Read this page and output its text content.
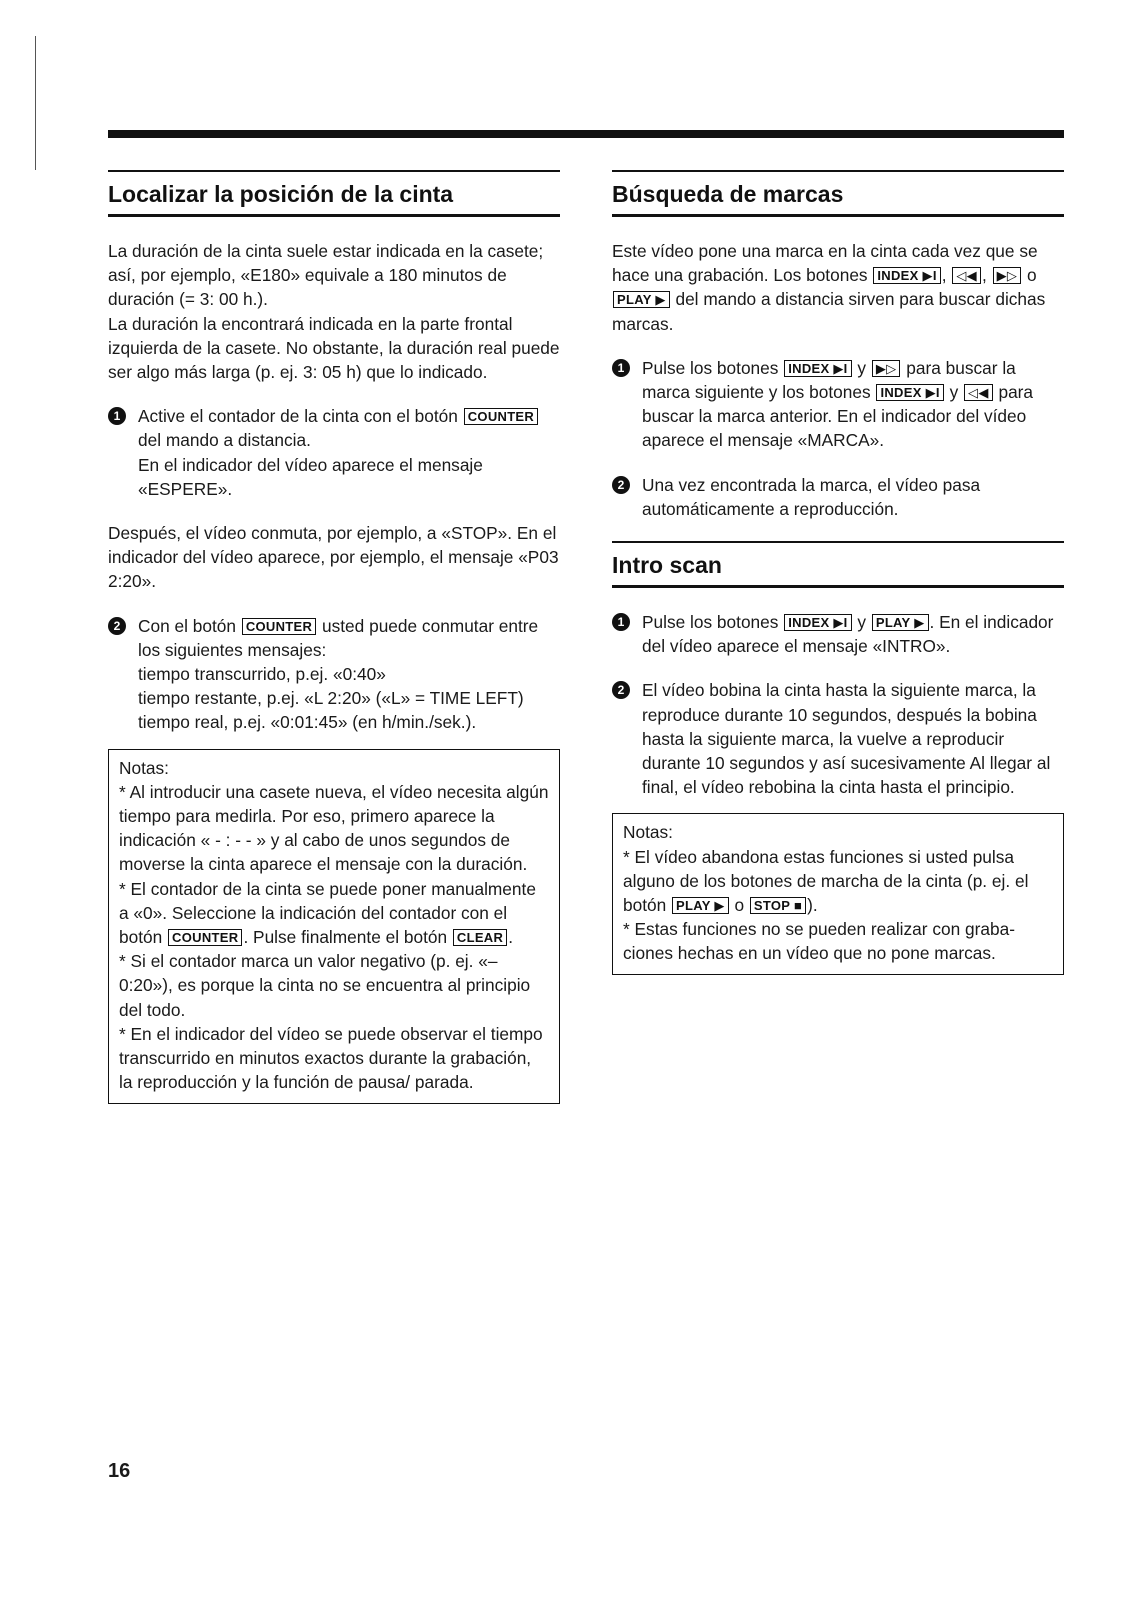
Localizar la posición de la cinta

La duración de la cinta suele estar indicada en la casete; así, por ejemplo, «E180» equivale a 180 minutos de duración (= 3: 00 h.).

La duración la encontrará indicada en la parte frontal izquierda de la casete. No obstante, la duración real puede ser algo más larga (p. ej. 3: 05 h) que lo indicado.

1	Active el contador de la cinta con el botón COUNTER del mando a distancia.
En el indicador del vídeo aparece el mensaje «ESPERE».

Después, el vídeo conmuta, por ejemplo, a «STOP». En el indicador del vídeo aparece, por ejemplo, el mensaje «P03 2:20».

2	Con el botón COUNTER usted puede conmutar entre los siguientes mensajes:
tiempo transcurrido, p.ej. «0:40»
tiempo restante, p.ej. «L 2:20» («L» = TIME LEFT)
tiempo real, p.ej. «0:01:45» (en h/min./sek.).

Notas:

* Al introducir una casete nueva, el vídeo necesita algún tiempo para medirla. Por eso, primero aparece la indicación « - : - - » y al cabo de unos segundos de moverse la cinta aparece el mensaje con la duración.

* El contador de la cinta se puede poner manualmente a «0». Seleccione la indicación del contador con el botón COUNTER . Pulse finalmente el botón CLEAR .

* Si el contador marca un valor negativo (p. ej. «– 0:20»), es porque la cinta no se encuentra al principio del todo.

* En el indicador del vídeo se puede observar el tiempo transcurrido en minutos exactos durante la grabación, la reproducción y la función de pausa/ parada.

Búsqueda de marcas

Este vídeo pone una marca en la cinta cada vez que se hace una grabación. Los botones INDEX ▶I , ◁◀ , ▶▷ o PLAY ▶ del mando a distancia sirven para buscar dichas marcas.

1	Pulse los botones INDEX ▶I y ▶▷ para buscar la marca siguiente y los botones INDEX ▶I y ◁◀ para buscar la marca anterior. En el indicador del vídeo aparece el mensaje «MARCA».
2	Una vez encontrada la marca, el vídeo pasa automáticamente a reproducción.
Intro scan
1	Pulse los botones INDEX ▶I y PLAY ▶ . En el indicador del vídeo aparece el mensaje «INTRO».
2	El vídeo bobina la cinta hasta la siguiente marca, la reproduce durante 10 segundos, después la bobina hasta la siguiente marca, la vuelve a reproducir durante 10 segundos y así sucesivamente Al llegar al final, el vídeo rebobina la cinta hasta el principio.

Notas:

* El vídeo abandona estas funciones si usted pulsa alguno de los botones de marcha de la cinta (p. ej. el botón PLAY ▶ o STOP ■ ).

* Estas funciones no se pueden realizar con grabaciones hechas en un vídeo que no pone marcas.

16
